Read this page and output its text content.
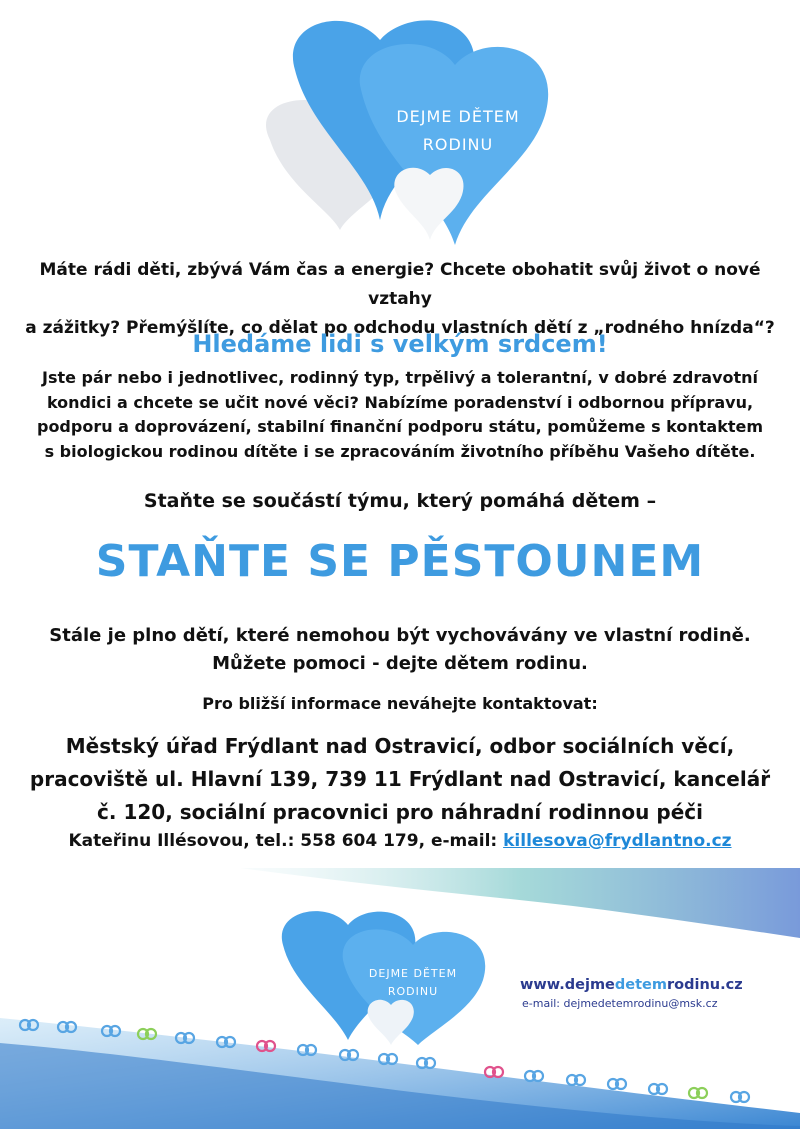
DEJME DĚTEM
RODINU
Máte rádi děti, zbývá Vám čas a energie? Chcete obohatit svůj život o nové vztahy
a zážitky? Přemýšlíte, co dělat po odchodu vlastních dětí z „rodného hnízda“?
Hledáme lidi s velkým srdcem!
Jste pár nebo i jednotlivec, rodinný typ, trpělivý a tolerantní, v dobré zdravotní
kondici a chcete se učit nové věci? Nabízíme poradenství i odbornou přípravu,
podporu a doprovázení, stabilní finanční podporu státu, pomůžeme s kontaktem
s biologickou rodinou dítěte i se zpracováním životního příběhu Vašeho dítěte.
Staňte se součástí týmu, který pomáhá dětem –
STAŇTE SE PĚSTOUNEM
Stále je plno dětí, které nemohou být vychovávány ve vlastní rodině.
Můžete pomoci - dejte dětem rodinu.
Pro bližší informace neváhejte kontaktovat:
Městský úřad Frýdlant nad Ostravicí, odbor sociálních věcí,
pracoviště ul. Hlavní 139, 739 11 Frýdlant nad Ostravicí, kancelář
č. 120, sociální pracovnici pro náhradní rodinnou péči
Kateřinu Illésovou, tel.: 558 604 179, e-mail: killesova@frydlantno.cz
DEJME DĚTEM
RODINU	www.dejmedetemrodinu.cz
e-mail: dejmedetemrodinu@msk.cz
